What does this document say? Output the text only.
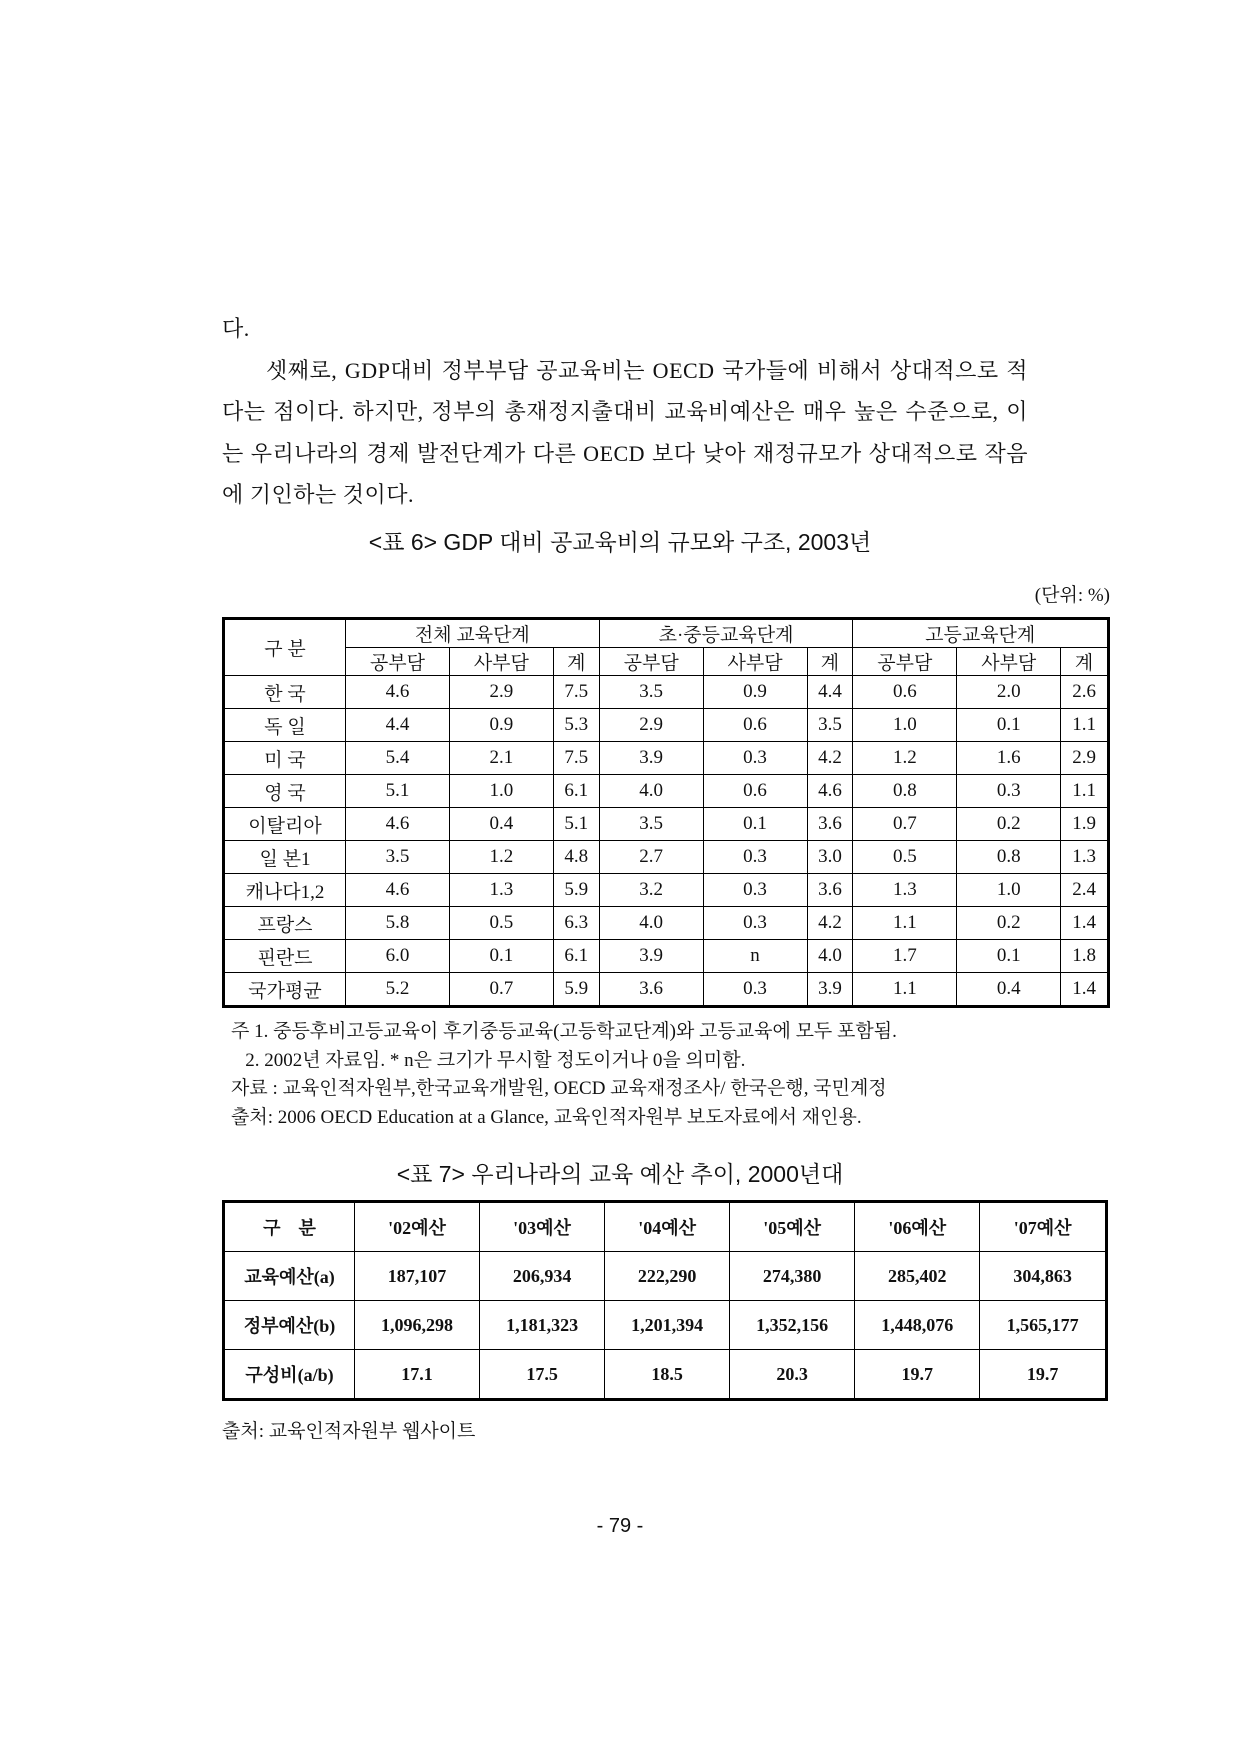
다.

셋째로, GDP대비 정부부담 공교육비는 OECD 국가들에 비해서 상대적으로 적다는 점이다. 하지만, 정부의 총재정지출대비 교육비예산은 매우 높은 수준으로, 이는 우리나라의 경제 발전단계가 다른 OECD 보다 낮아 재정규모가 상대적으로 작음에 기인하는 것이다.

<표 6> GDP 대비 공교육비의 규모와 구조, 2003년
(단위: %)
구 분	전체 교육단계			초·중등교육단계			고등교육단계		
	공부담	사부담	계	공부담	사부담	계	공부담	사부담	계
한 국	4.6	2.9	7.5	3.5	0.9	4.4	0.6	2.0	2.6
독 일	4.4	0.9	5.3	2.9	0.6	3.5	1.0	0.1	1.1
미 국	5.4	2.1	7.5	3.9	0.3	4.2	1.2	1.6	2.9
영 국	5.1	1.0	6.1	4.0	0.6	4.6	0.8	0.3	1.1
이탈리아	4.6	0.4	5.1	3.5	0.1	3.6	0.7	0.2	1.9
일 본1	3.5	1.2	4.8	2.7	0.3	3.0	0.5	0.8	1.3
캐나다1,2	4.6	1.3	5.9	3.2	0.3	3.6	1.3	1.0	2.4
프랑스	5.8	0.5	6.3	4.0	0.3	4.2	1.1	0.2	1.4
핀란드	6.0	0.1	6.1	3.9	n	4.0	1.7	0.1	1.8
국가평균	5.2	0.7	5.9	3.6	0.3	3.9	1.1	0.4	1.4
주 1. 중등후비고등교육이 후기중등교육(고등학교단계)와 고등교육에 모두 포함됨.
2. 2002년 자료임. * n은 크기가 무시할 정도이거나 0을 의미함.
자료 : 교육인적자원부,한국교육개발원, OECD 교육재정조사/ 한국은행, 국민계정
출처: 2006 OECD Education at a Glance, 교육인적자원부 보도자료에서 재인용.
<표 7> 우리나라의 교육 예산 추이, 2000년대
구    분	'02예산	'03예산	'04예산	'05예산	'06예산	'07예산
교육예산(a)	187,107	206,934	222,290	274,380	285,402	304,863
정부예산(b)	1,096,298	1,181,323	1,201,394	1,352,156	1,448,076	1,565,177
구성비(a/b)	17.1	17.5	18.5	20.3	19.7	19.7
출처: 교육인적자원부 웹사이트
- 79 -
